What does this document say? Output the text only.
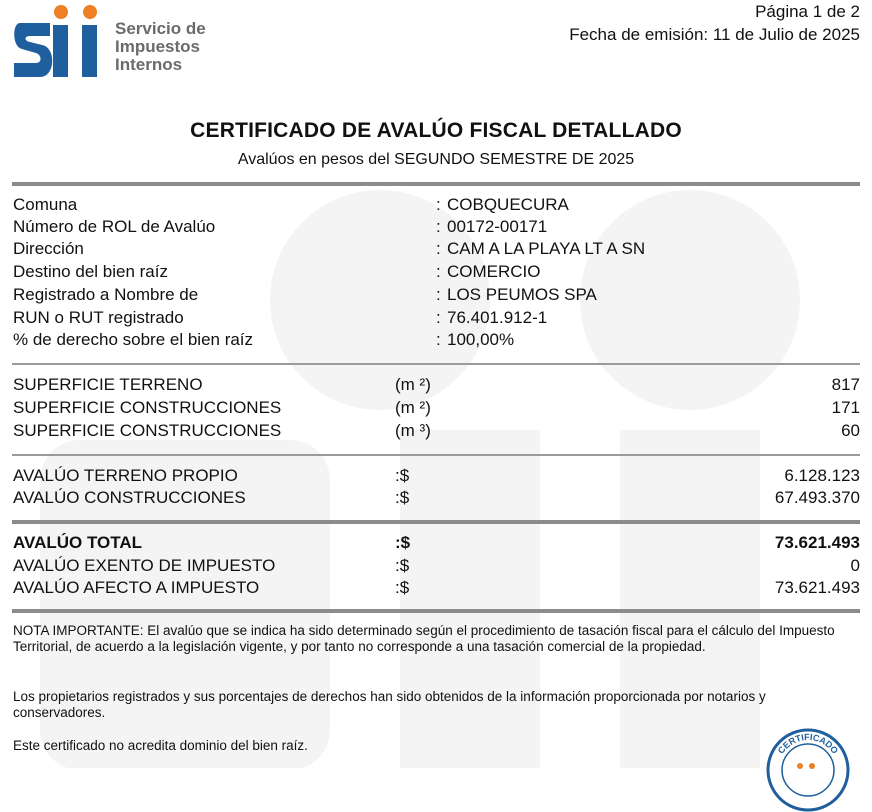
Servicio de
Impuestos
Internos
Página 1 de 2
Fecha de emisión: 11 de Julio de 2025
CERTIFICADO DE AVALÚO FISCAL DETALLADO
Avalúos en pesos del SEGUNDO SEMESTRE DE 2025
Comuna	: COBQUECURA
Número de ROL de Avalúo	: 00172-00171
Dirección	: CAM A LA PLAYA LT A SN
Destino del bien raíz	: COMERCIO
Registrado a Nombre de	: LOS PEUMOS SPA
RUN o RUT registrado	: 76.401.912-1
% de derecho sobre el bien raíz	: 100,00%
SUPERFICIE TERRENO	(m ²)	817
SUPERFICIE CONSTRUCCIONES	(m ²)	171
SUPERFICIE CONSTRUCCIONES	(m ³)	60
AVALÚO TERRENO PROPIO	:$	6.128.123
AVALÚO CONSTRUCCIONES	:$	67.493.370
AVALÚO TOTAL	:$	73.621.493
AVALÚO EXENTO DE IMPUESTO	:$	0
AVALÚO AFECTO A IMPUESTO	:$	73.621.493
NOTA IMPORTANTE: El avalúo que se indica ha sido determinado según el procedimiento de tasación fiscal para el cálculo del Impuesto Territorial, de acuerdo a la legislación vigente, y por tanto no corresponde a una tasación comercial de la propiedad.
Los propietarios registrados y sus porcentajes de derechos han sido obtenidos de la información proporcionada por notarios y conservadores.
Este certificado no acredita dominio del bien raíz.	CERTIFICADO
